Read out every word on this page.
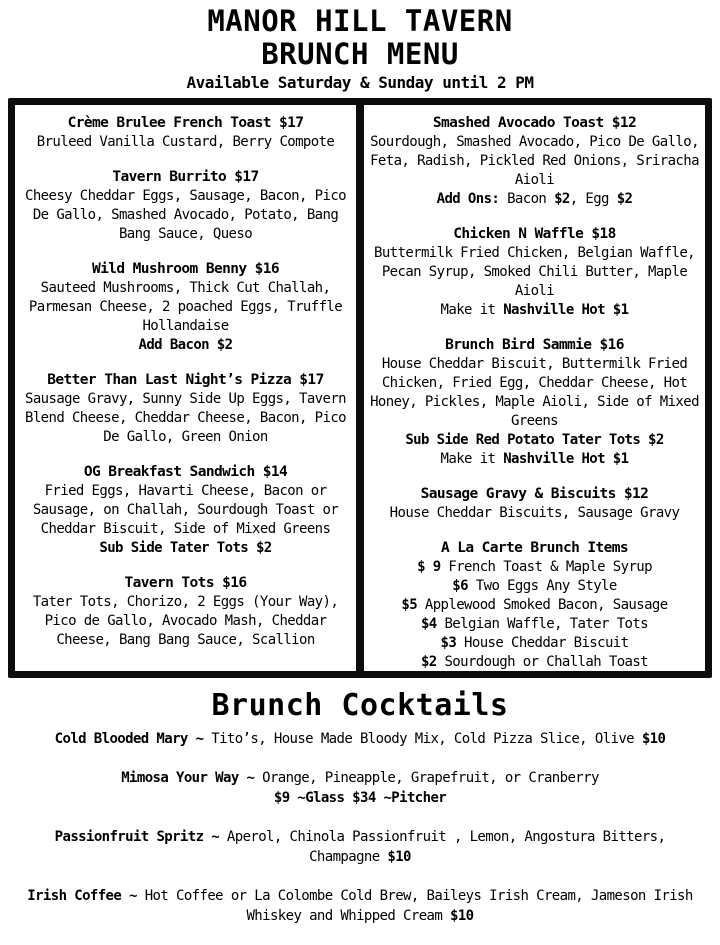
MANOR HILL TAVERN
BRUNCH MENU
Available Saturday & Sunday until 2 PM
Crème Brulee French Toast $17
Bruleed Vanilla Custard, Berry Compote
Tavern Burrito $17
Cheesy Cheddar Eggs, Sausage, Bacon, Pico De Gallo, Smashed Avocado, Potato, Bang Bang Sauce, Queso
Wild Mushroom Benny $16
Sauteed Mushrooms, Thick Cut Challah, Parmesan Cheese, 2 poached Eggs, Truffle Hollandaise
Add Bacon $2
Better Than Last Night’s Pizza $17
Sausage Gravy, Sunny Side Up Eggs, Tavern Blend Cheese, Cheddar Cheese, Bacon, Pico De Gallo, Green Onion
OG Breakfast Sandwich $14
Fried Eggs, Havarti Cheese, Bacon or Sausage, on Challah, Sourdough Toast or Cheddar Biscuit, Side of Mixed Greens
Sub Side Tater Tots $2
Tavern Tots $16
Tater Tots, Chorizo, 2 Eggs (Your Way), Pico de Gallo, Avocado Mash, Cheddar Cheese, Bang Bang Sauce, Scallion
Smashed Avocado Toast $12
Sourdough, Smashed Avocado, Pico De Gallo, Feta, Radish, Pickled Red Onions, Sriracha Aioli
Add Ons: Bacon $2, Egg $2
Chicken N Waffle $18
Buttermilk Fried Chicken, Belgian Waffle, Pecan Syrup, Smoked Chili Butter, Maple Aioli
Make it Nashville Hot $1
Brunch Bird Sammie $16
House Cheddar Biscuit, Buttermilk Fried Chicken, Fried Egg, Cheddar Cheese, Hot Honey, Pickles, Maple Aioli, Side of Mixed Greens
Sub Side Red Potato Tater Tots $2
Make it Nashville Hot $1
Sausage Gravy & Biscuits $12
House Cheddar Biscuits, Sausage Gravy
A La Carte Brunch Items
$ 9 French Toast & Maple Syrup
$6 Two Eggs Any Style
$5 Applewood Smoked Bacon, Sausage
$4 Belgian Waffle, Tater Tots
$3 House Cheddar Biscuit
$2 Sourdough or Challah Toast
Brunch Cocktails
Cold Blooded Mary ~ Tito’s, House Made Bloody Mix, Cold Pizza Slice, Olive $10
Mimosa Your Way ~ Orange, Pineapple, Grapefruit, or Cranberry
$9 ~Glass $34 ~Pitcher
Passionfruit Spritz ~ Aperol, Chinola Passionfruit , Lemon, Angostura Bitters, Champagne $10
Irish Coffee ~ Hot Coffee or La Colombe Cold Brew, Baileys Irish Cream, Jameson Irish Whiskey and Whipped Cream $10
